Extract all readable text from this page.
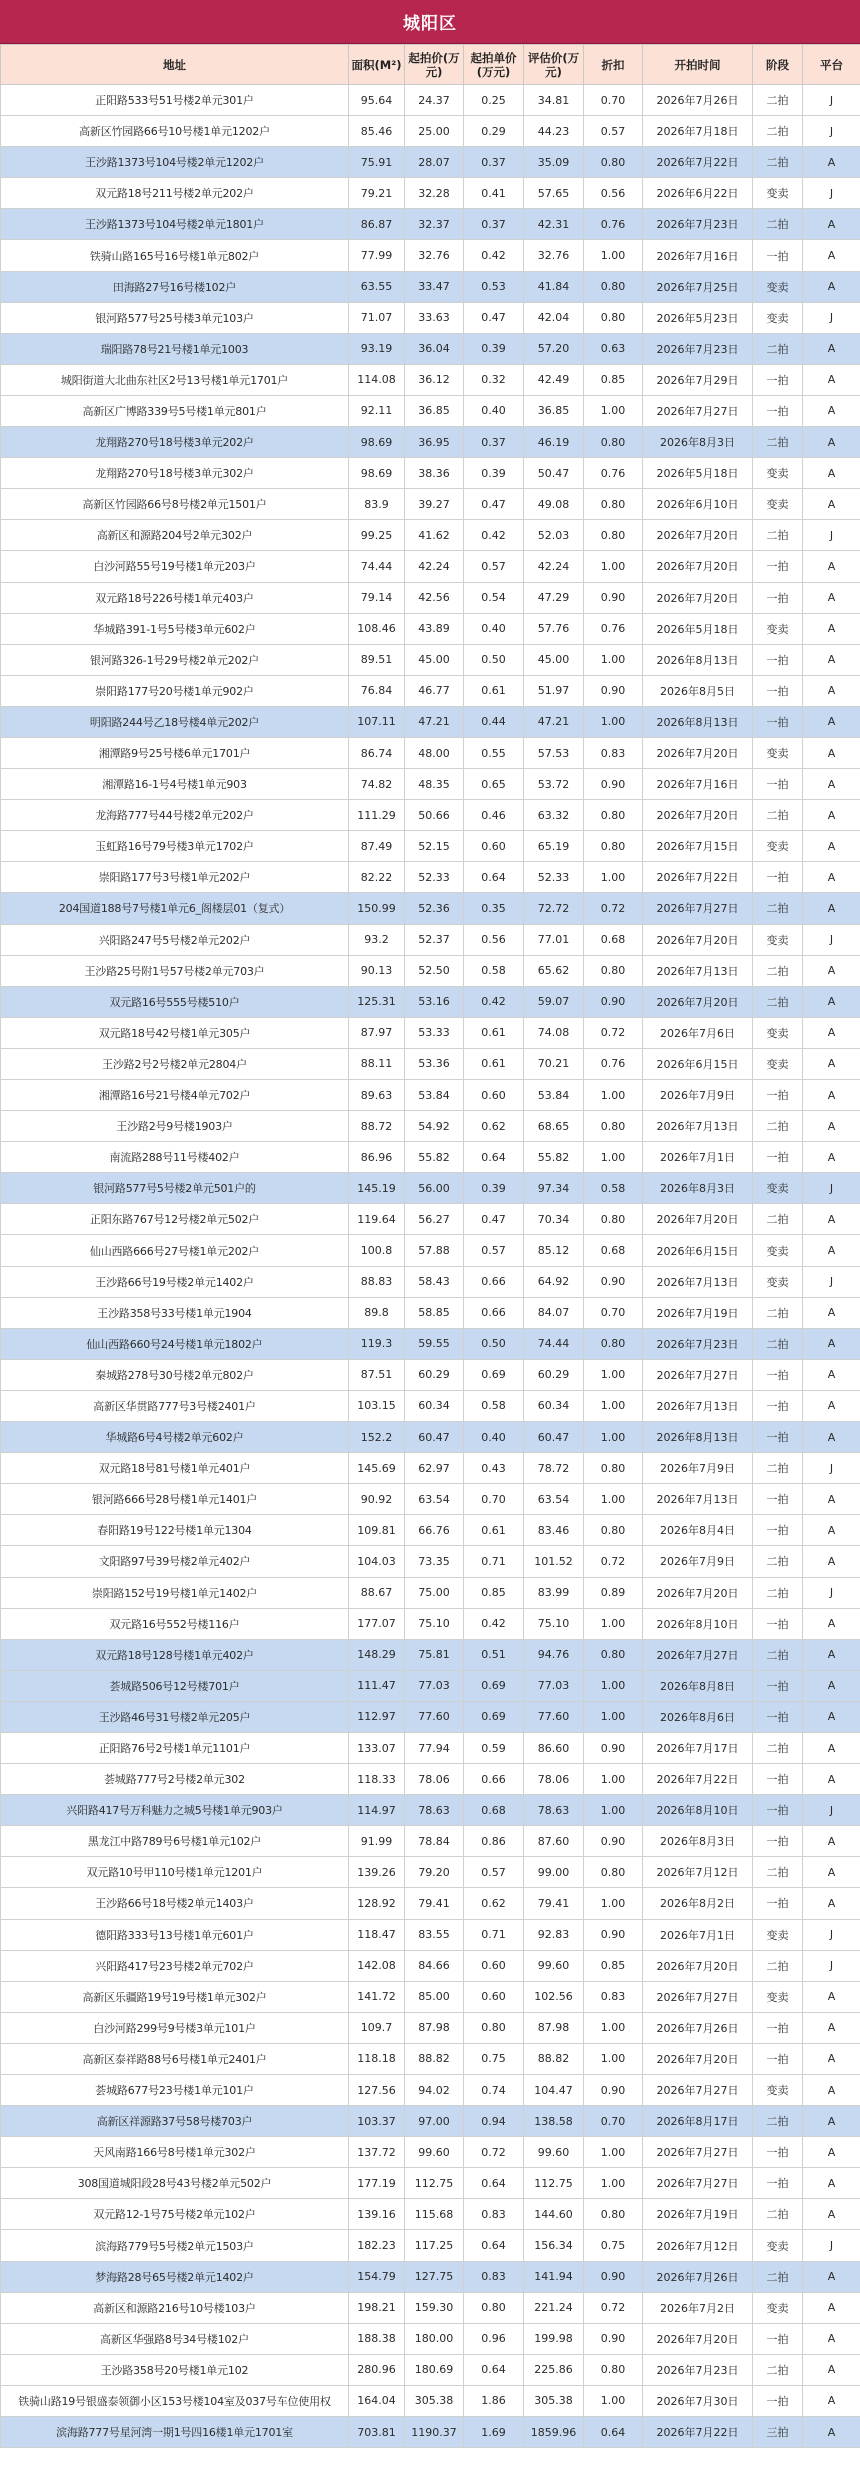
城阳区
地址	面积(M²)	起拍价(万元)	起拍单价(万元)	评估价(万元)	折扣	开拍时间	阶段	平台
正阳路533号51号楼2单元301户	95.64	24.37	0.25	34.81	0.70	2026年7月26日	二拍	J
高新区竹园路66号10号楼1单元1202户	85.46	25.00	0.29	44.23	0.57	2026年7月18日	二拍	J
王沙路1373号104号楼2单元1202户	75.91	28.07	0.37	35.09	0.80	2026年7月22日	二拍	A
双元路18号211号楼2单元202户	79.21	32.28	0.41	57.65	0.56	2026年6月22日	变卖	J
王沙路1373号104号楼2单元1801户	86.87	32.37	0.37	42.31	0.76	2026年7月23日	二拍	A
铁骑山路165号16号楼1单元802户	77.99	32.76	0.42	32.76	1.00	2026年7月16日	一拍	A
田海路27号16号楼102户	63.55	33.47	0.53	41.84	0.80	2026年7月25日	变卖	A
银河路577号25号楼3单元103户	71.07	33.63	0.47	42.04	0.80	2026年5月23日	变卖	J
瑞阳路78号21号楼1单元1003	93.19	36.04	0.39	57.20	0.63	2026年7月23日	二拍	A
城阳街道大北曲东社区2号13号楼1单元1701户	114.08	36.12	0.32	42.49	0.85	2026年7月29日	一拍	A
高新区广博路339号5号楼1单元801户	92.11	36.85	0.40	36.85	1.00	2026年7月27日	一拍	A
龙翔路270号18号楼3单元202户	98.69	36.95	0.37	46.19	0.80	2026年8月3日	二拍	A
龙翔路270号18号楼3单元302户	98.69	38.36	0.39	50.47	0.76	2026年5月18日	变卖	A
高新区竹园路66号8号楼2单元1501户	83.9	39.27	0.47	49.08	0.80	2026年6月10日	变卖	A
高新区和源路204号2单元302户	99.25	41.62	0.42	52.03	0.80	2026年7月20日	二拍	J
白沙河路55号19号楼1单元203户	74.44	42.24	0.57	42.24	1.00	2026年7月20日	一拍	A
双元路18号226号楼1单元403户	79.14	42.56	0.54	47.29	0.90	2026年7月20日	一拍	A
华城路391-1号5号楼3单元602户	108.46	43.89	0.40	57.76	0.76	2026年5月18日	变卖	A
银河路326-1号29号楼2单元202户	89.51	45.00	0.50	45.00	1.00	2026年8月13日	一拍	A
崇阳路177号20号楼1单元902户	76.84	46.77	0.61	51.97	0.90	2026年8月5日	一拍	A
明阳路244号乙18号楼4单元202户	107.11	47.21	0.44	47.21	1.00	2026年8月13日	一拍	A
湘潭路9号25号楼6单元1701户	86.74	48.00	0.55	57.53	0.83	2026年7月20日	变卖	A
湘潭路16-1号4号楼1单元903	74.82	48.35	0.65	53.72	0.90	2026年7月16日	一拍	A
龙海路777号44号楼2单元202户	111.29	50.66	0.46	63.32	0.80	2026年7月20日	二拍	A
玉虹路16号79号楼3单元1702户	87.49	52.15	0.60	65.19	0.80	2026年7月15日	变卖	A
崇阳路177号3号楼1单元202户	82.22	52.33	0.64	52.33	1.00	2026年7月22日	一拍	A
204国道188号7号楼1单元6_阁楼层01（复式）	150.99	52.36	0.35	72.72	0.72	2026年7月27日	二拍	A
兴阳路247号5号楼2单元202户	93.2	52.37	0.56	77.01	0.68	2026年7月20日	变卖	J
王沙路25号附1号57号楼2单元703户	90.13	52.50	0.58	65.62	0.80	2026年7月13日	二拍	A
双元路16号555号楼510户	125.31	53.16	0.42	59.07	0.90	2026年7月20日	二拍	A
双元路18号42号楼1单元305户	87.97	53.33	0.61	74.08	0.72	2026年7月6日	变卖	A
王沙路2号2号楼2单元2804户	88.11	53.36	0.61	70.21	0.76	2026年6月15日	变卖	A
湘潭路16号21号楼4单元702户	89.63	53.84	0.60	53.84	1.00	2026年7月9日	一拍	A
王沙路2号9号楼1903户	88.72	54.92	0.62	68.65	0.80	2026年7月13日	二拍	A
南流路288号11号楼402户	86.96	55.82	0.64	55.82	1.00	2026年7月1日	一拍	A
银河路577号5号楼2单元501户的	145.19	56.00	0.39	97.34	0.58	2026年8月3日	变卖	J
正阳东路767号12号楼2单元502户	119.64	56.27	0.47	70.34	0.80	2026年7月20日	二拍	A
仙山西路666号27号楼1单元202户	100.8	57.88	0.57	85.12	0.68	2026年6月15日	变卖	A
王沙路66号19号楼2单元1402户	88.83	58.43	0.66	64.92	0.90	2026年7月13日	变卖	J
王沙路358号33号楼1单元1904	89.8	58.85	0.66	84.07	0.70	2026年7月19日	二拍	A
仙山西路660号24号楼1单元1802户	119.3	59.55	0.50	74.44	0.80	2026年7月23日	二拍	A
秦城路278号30号楼2单元802户	87.51	60.29	0.69	60.29	1.00	2026年7月27日	一拍	A
高新区华贯路777号3号楼2401户	103.15	60.34	0.58	60.34	1.00	2026年7月13日	一拍	A
华城路6号4号楼2单元602户	152.2	60.47	0.40	60.47	1.00	2026年8月13日	一拍	A
双元路18号81号楼1单元401户	145.69	62.97	0.43	78.72	0.80	2026年7月9日	二拍	J
银河路666号28号楼1单元1401户	90.92	63.54	0.70	63.54	1.00	2026年7月13日	一拍	A
春阳路19号122号楼1单元1304	109.81	66.76	0.61	83.46	0.80	2026年8月4日	一拍	A
文阳路97号39号楼2单元402户	104.03	73.35	0.71	101.52	0.72	2026年7月9日	二拍	A
崇阳路152号19号楼1单元1402户	88.67	75.00	0.85	83.99	0.89	2026年7月20日	二拍	J
双元路16号552号楼116户	177.07	75.10	0.42	75.10	1.00	2026年8月10日	一拍	A
双元路18号128号楼1单元402户	148.29	75.81	0.51	94.76	0.80	2026年7月27日	二拍	A
荟城路506号12号楼701户	111.47	77.03	0.69	77.03	1.00	2026年8月8日	一拍	A
王沙路46号31号楼2单元205户	112.97	77.60	0.69	77.60	1.00	2026年8月6日	一拍	A
正阳路76号2号楼1单元1101户	133.07	77.94	0.59	86.60	0.90	2026年7月17日	二拍	A
荟城路777号2号楼2单元302	118.33	78.06	0.66	78.06	1.00	2026年7月22日	一拍	A
兴阳路417号万科魅力之城5号楼1单元903户	114.97	78.63	0.68	78.63	1.00	2026年8月10日	一拍	J
黑龙江中路789号6号楼1单元102户	91.99	78.84	0.86	87.60	0.90	2026年8月3日	一拍	A
双元路10号甲110号楼1单元1201户	139.26	79.20	0.57	99.00	0.80	2026年7月12日	二拍	A
王沙路66号18号楼2单元1403户	128.92	79.41	0.62	79.41	1.00	2026年8月2日	一拍	A
德阳路333号13号楼1单元601户	118.47	83.55	0.71	92.83	0.90	2026年7月1日	变卖	J
兴阳路417号23号楼2单元702户	142.08	84.66	0.60	99.60	0.85	2026年7月20日	二拍	J
高新区乐疆路19号19号楼1单元302户	141.72	85.00	0.60	102.56	0.83	2026年7月27日	变卖	A
白沙河路299号9号楼3单元101户	109.7	87.98	0.80	87.98	1.00	2026年7月26日	一拍	A
高新区泰祥路88号6号楼1单元2401户	118.18	88.82	0.75	88.82	1.00	2026年7月20日	一拍	A
荟城路677号23号楼1单元101户	127.56	94.02	0.74	104.47	0.90	2026年7月27日	变卖	A
高新区祥源路37号58号楼703户	103.37	97.00	0.94	138.58	0.70	2026年8月17日	二拍	A
天风南路166号8号楼1单元302户	137.72	99.60	0.72	99.60	1.00	2026年7月27日	一拍	A
308国道城阳段28号43号楼2单元502户	177.19	112.75	0.64	112.75	1.00	2026年7月27日	一拍	A
双元路12-1号75号楼2单元102户	139.16	115.68	0.83	144.60	0.80	2026年7月19日	二拍	A
滨海路779号5号楼2单元1503户	182.23	117.25	0.64	156.34	0.75	2026年7月12日	变卖	J
梦海路28号65号楼2单元1402户	154.79	127.75	0.83	141.94	0.90	2026年7月26日	二拍	A
高新区和源路216号10号楼103户	198.21	159.30	0.80	221.24	0.72	2026年7月2日	变卖	A
高新区华强路8号34号楼102户	188.38	180.00	0.96	199.98	0.90	2026年7月20日	一拍	A
王沙路358号20号楼1单元102	280.96	180.69	0.64	225.86	0.80	2026年7月23日	二拍	A
铁骑山路19号银盛泰领御小区153号楼104室及037号车位使用权	164.04	305.38	1.86	305.38	1.00	2026年7月30日	一拍	A
滨海路777号星河湾一期1号四16楼1单元1701室	703.81	1190.37	1.69	1859.96	0.64	2026年7月22日	三拍	A
